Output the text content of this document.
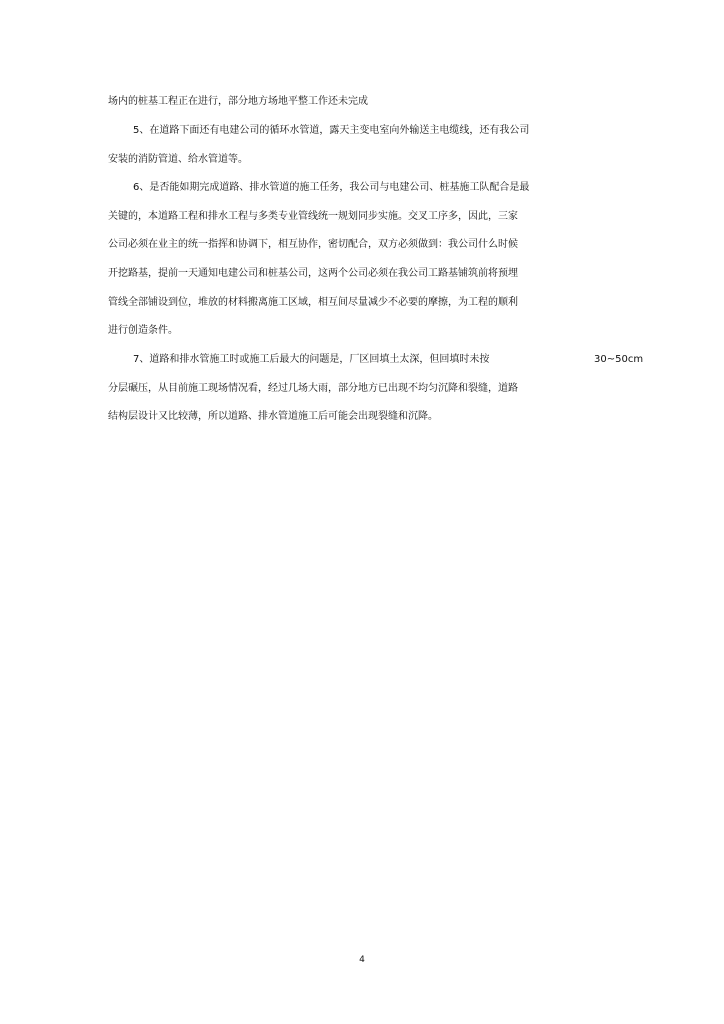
场内的桩基工程正在进行，部分地方场地平整工作还未完成
5、在道路下面还有电建公司的循环水管道，露天主变电室向外输送主电缆线，还有我公司
安装的消防管道、给水管道等。
6、是否能如期完成道路、排水管道的施工任务，我公司与电建公司、桩基施工队配合是最
关键的，本道路工程和排水工程与多类专业管线统一规划同步实施。交叉工序多，因此，三家
公司必须在业主的统一指挥和协调下，相互协作，密切配合，双方必须做到：我公司什么时候
开挖路基，提前一天通知电建公司和桩基公司，这两个公司必须在我公司工路基铺筑前将预埋
管线全部铺设到位，堆放的材料搬离施工区域，相互间尽量减少不必要的摩擦，为工程的顺利
进行创造条件。
7、道路和排水管施工时或施工后最大的问题是，厂区回填土太深，但回填时未按	30~50cm
分层碾压，从目前施工现场情况看，经过几场大雨，部分地方已出现不均匀沉降和裂缝，道路
结构层设计又比较薄，所以道路、排水管道施工后可能会出现裂缝和沉降。
4
